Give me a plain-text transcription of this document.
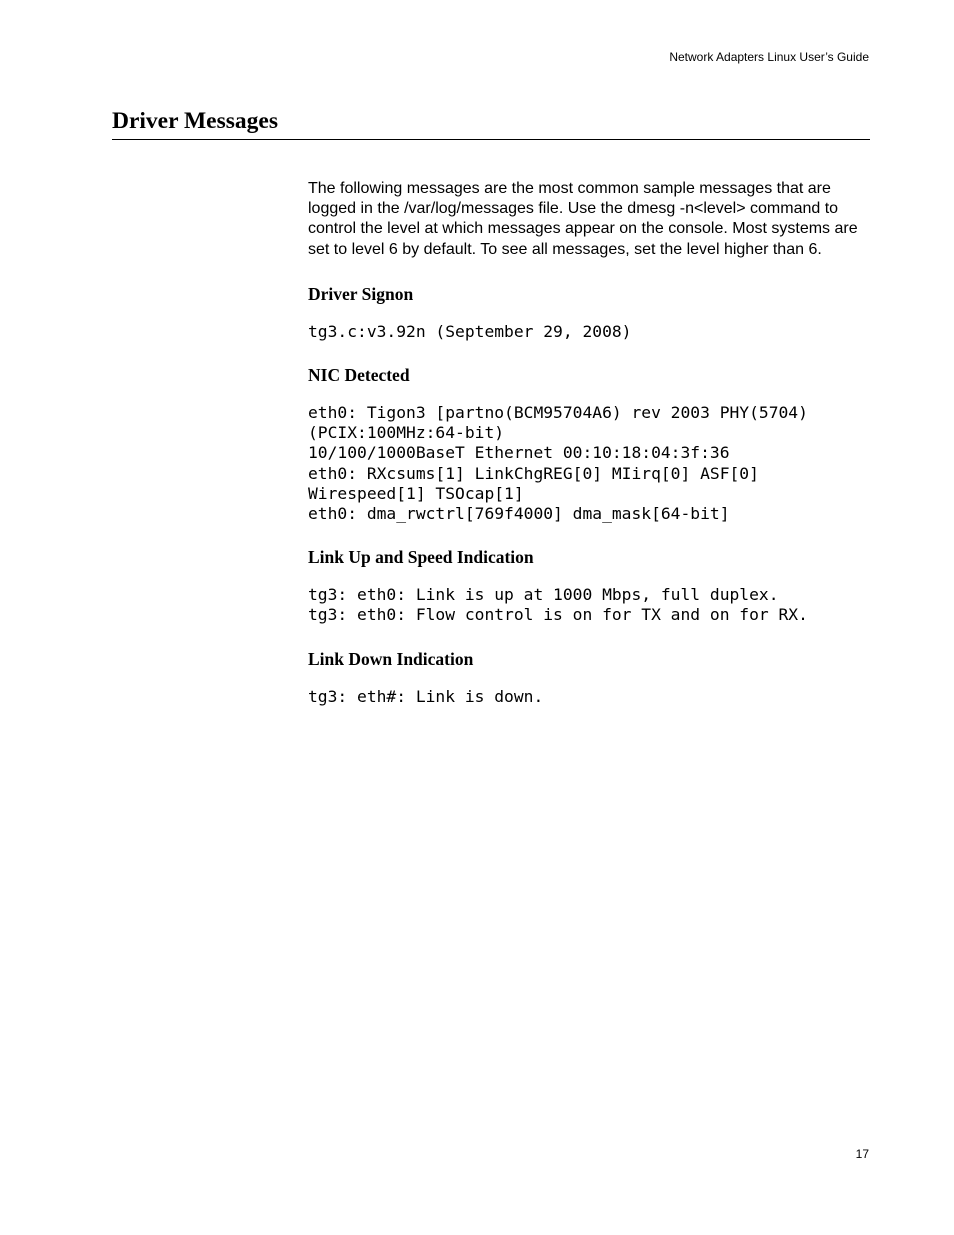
Network Adapters Linux User’s Guide
Driver Messages

The following messages are the most common sample messages that are logged in the /var/log/messages file. Use the dmesg -n<level> command to control the level at which messages appear on the console. Most systems are set to level 6 by default. To see all messages, set the level higher than 6.

Driver Signon
tg3.c:v3.92n (September 29, 2008)
NIC Detected
eth0: Tigon3 [partno(BCM95704A6) rev 2003 PHY(5704)
(PCIX:100MHz:64-bit)
10/100/1000BaseT Ethernet 00:10:18:04:3f:36
eth0: RXcsums[1] LinkChgREG[0] MIirq[0] ASF[0]
Wirespeed[1] TSOcap[1]
eth0: dma_rwctrl[769f4000] dma_mask[64-bit]
Link Up and Speed Indication
tg3: eth0: Link is up at 1000 Mbps, full duplex.
tg3: eth0: Flow control is on for TX and on for RX.
Link Down Indication
tg3: eth#: Link is down.
17
